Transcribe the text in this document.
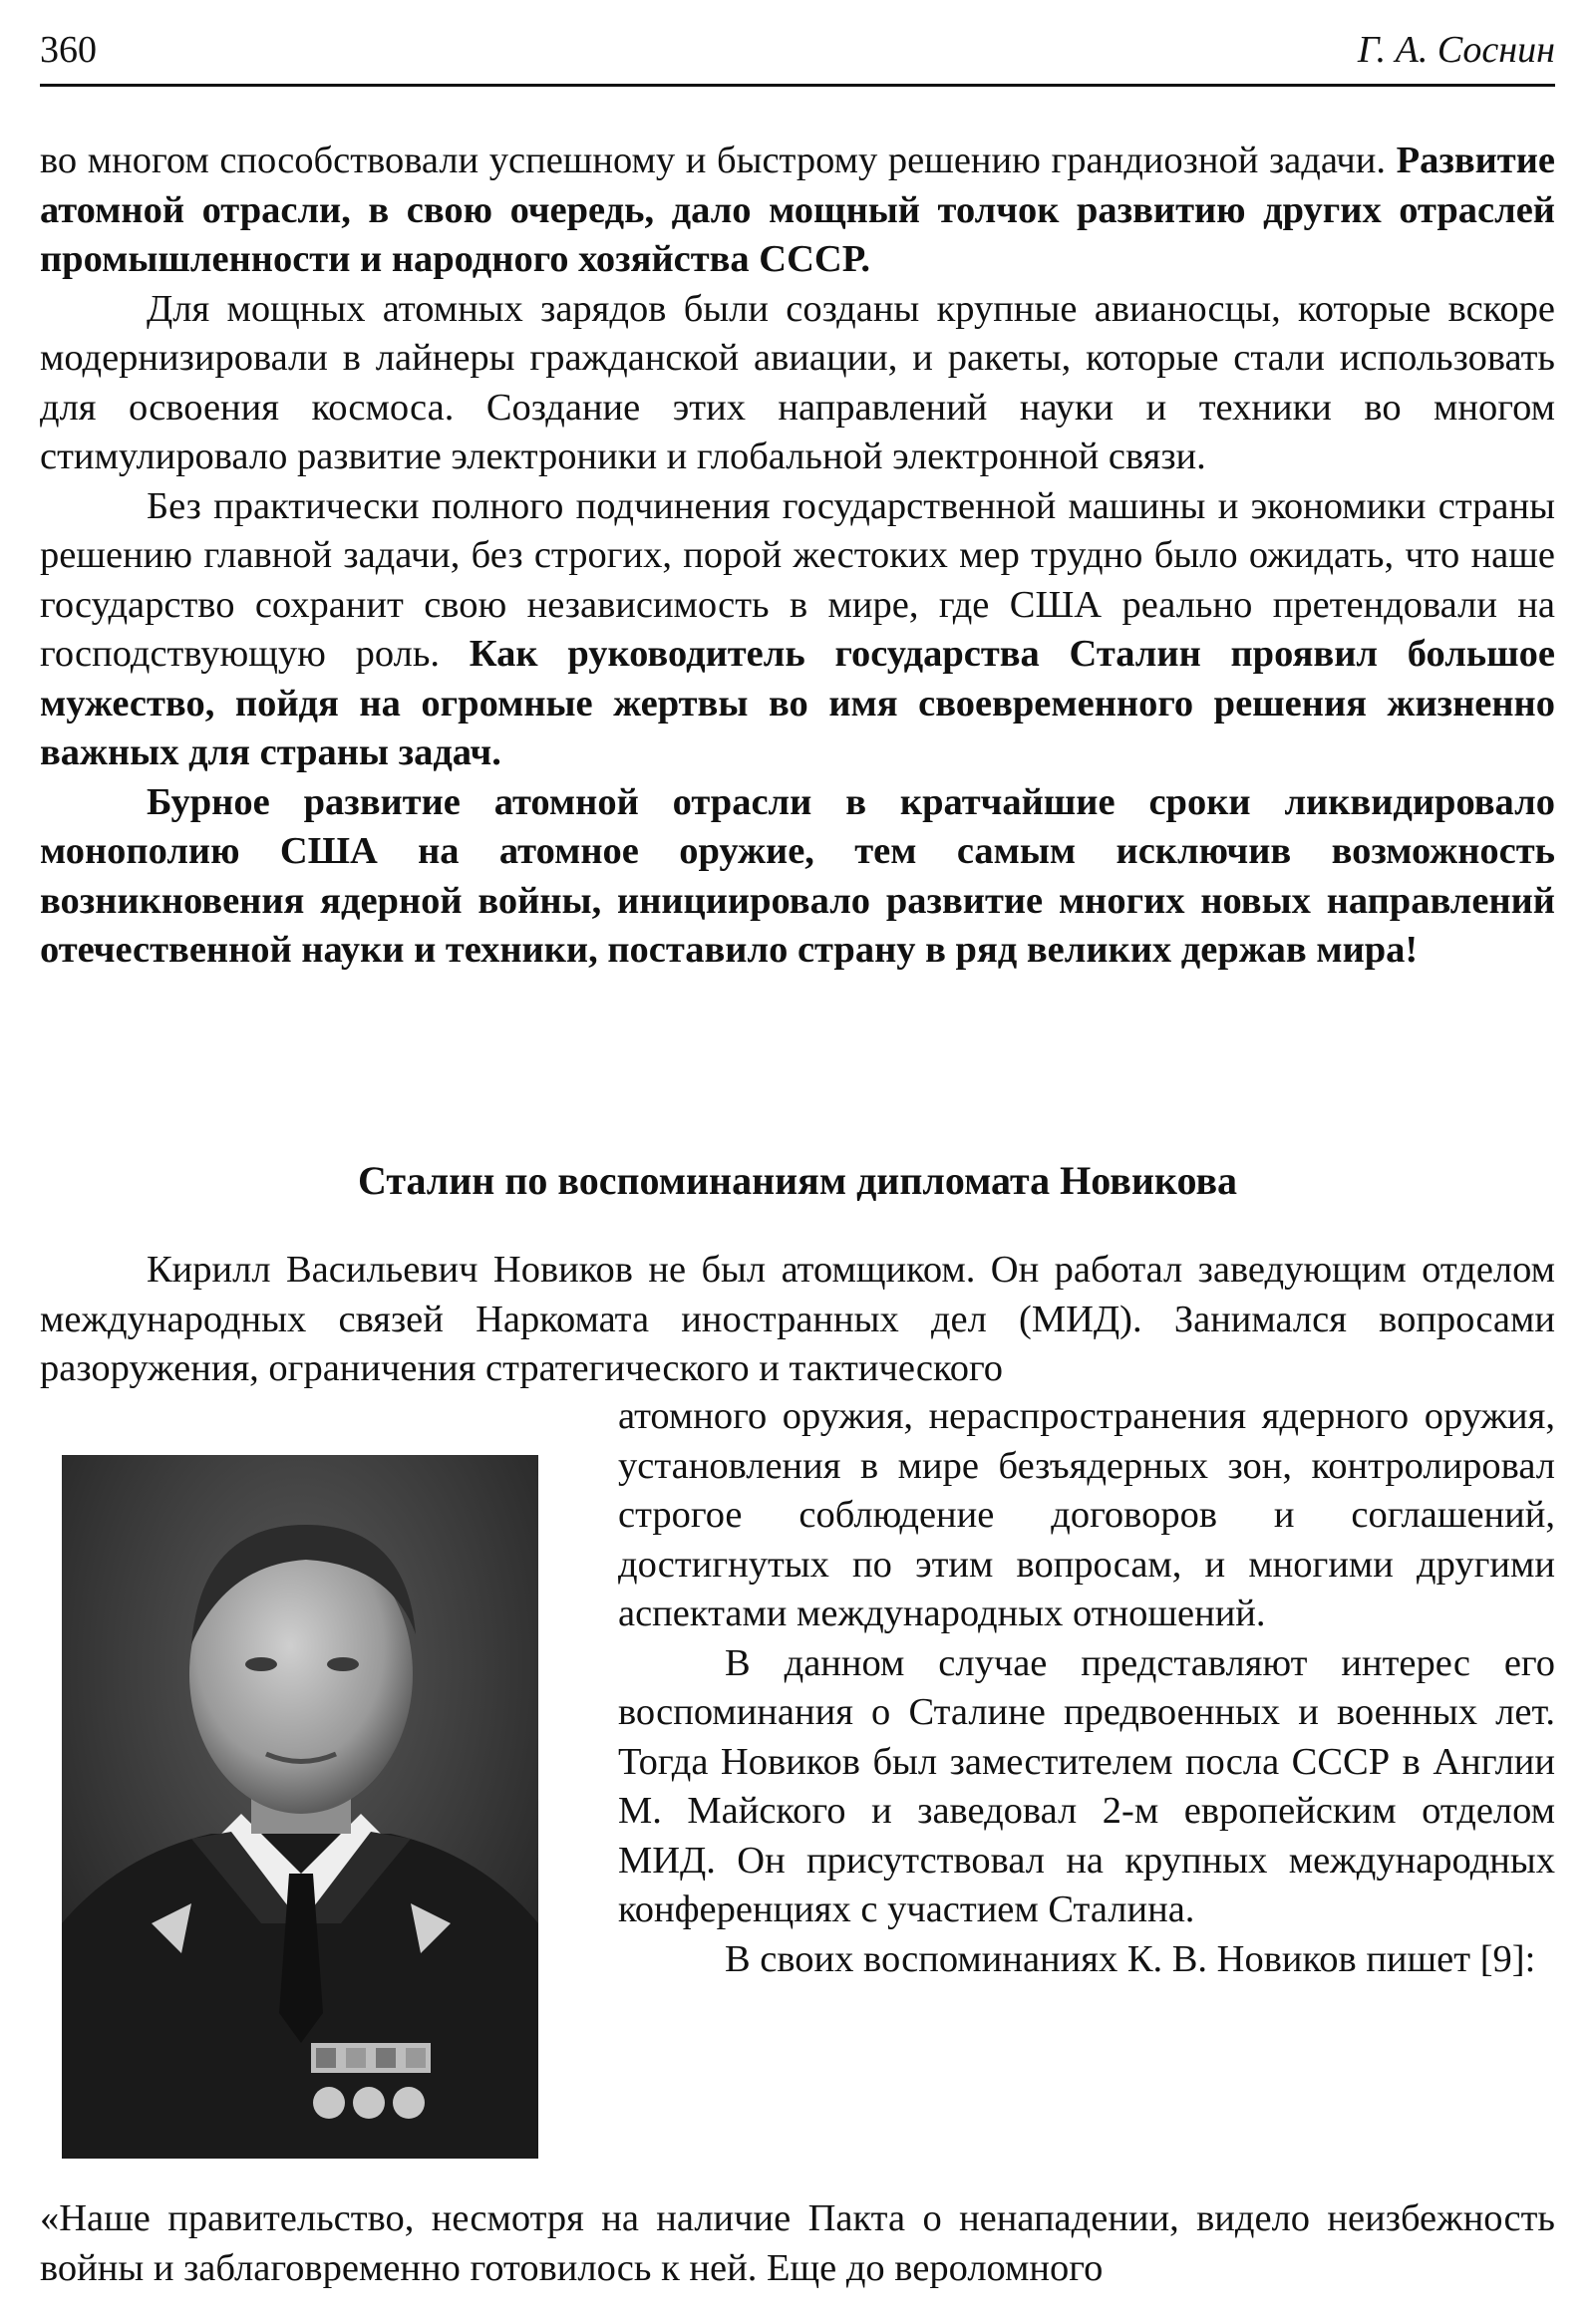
360	Г. А. Соснин

во многом способствовали успешному и быстрому решению грандиозной задачи. Развитие атомной отрасли, в свою очередь, дало мощный толчок развитию других отраслей промышленности и народного хозяйства СССР.

Для мощных атомных зарядов были созданы крупные авианосцы, которые вскоре модернизировали в лайнеры гражданской авиации, и ракеты, которые стали использовать для освоения космоса. Создание этих направлений науки и техники во многом стимулировало развитие электроники и глобальной электронной связи.

Без практически полного подчинения государственной машины и экономики страны решению главной задачи, без строгих, порой жестоких мер трудно было ожидать, что наше государство сохранит свою независимость в мире, где США реально претендовали на господствующую роль. Как руководитель государства Сталин проявил большое мужество, пойдя на огромные жертвы во имя своевременного решения жизненно важных для страны задач.

Бурное развитие атомной отрасли в кратчайшие сроки ликвидировало монополию США на атомное оружие, тем самым исключив возможность возникновения ядерной войны, инициировало развитие многих новых направлений отечественной науки и техники, поставило страну в ряд великих держав мира!

Сталин по воспоминаниям дипломата Новикова

Кирилл Васильевич Новиков не был атомщиком. Он работал заведующим отделом международных связей Наркомата иностранных дел (МИД). Занимался вопросами разоружения, ограничения стратегического и тактического

атомного оружия, нераспространения ядерного оружия, установления в мире безъядерных зон, контролировал строгое соблюдение договоров и соглашений, достигнутых по этим вопросам, и многими другими аспектами международных отношений.

В данном случае представляют интерес его воспоминания о Сталине предвоенных и военных лет. Тогда Новиков был заместителем посла СССР в Англии М. Майского и заведовал 2-м европейским отделом МИД. Он присутствовал на крупных международных конференциях с участием Сталина.

В своих воспоминаниях К. В. Новиков пишет [9]:

«Наше правительство, несмотря на наличие Пакта о ненападении, видело неизбежность войны и заблаговременно готовилось к ней. Еще до вероломного
